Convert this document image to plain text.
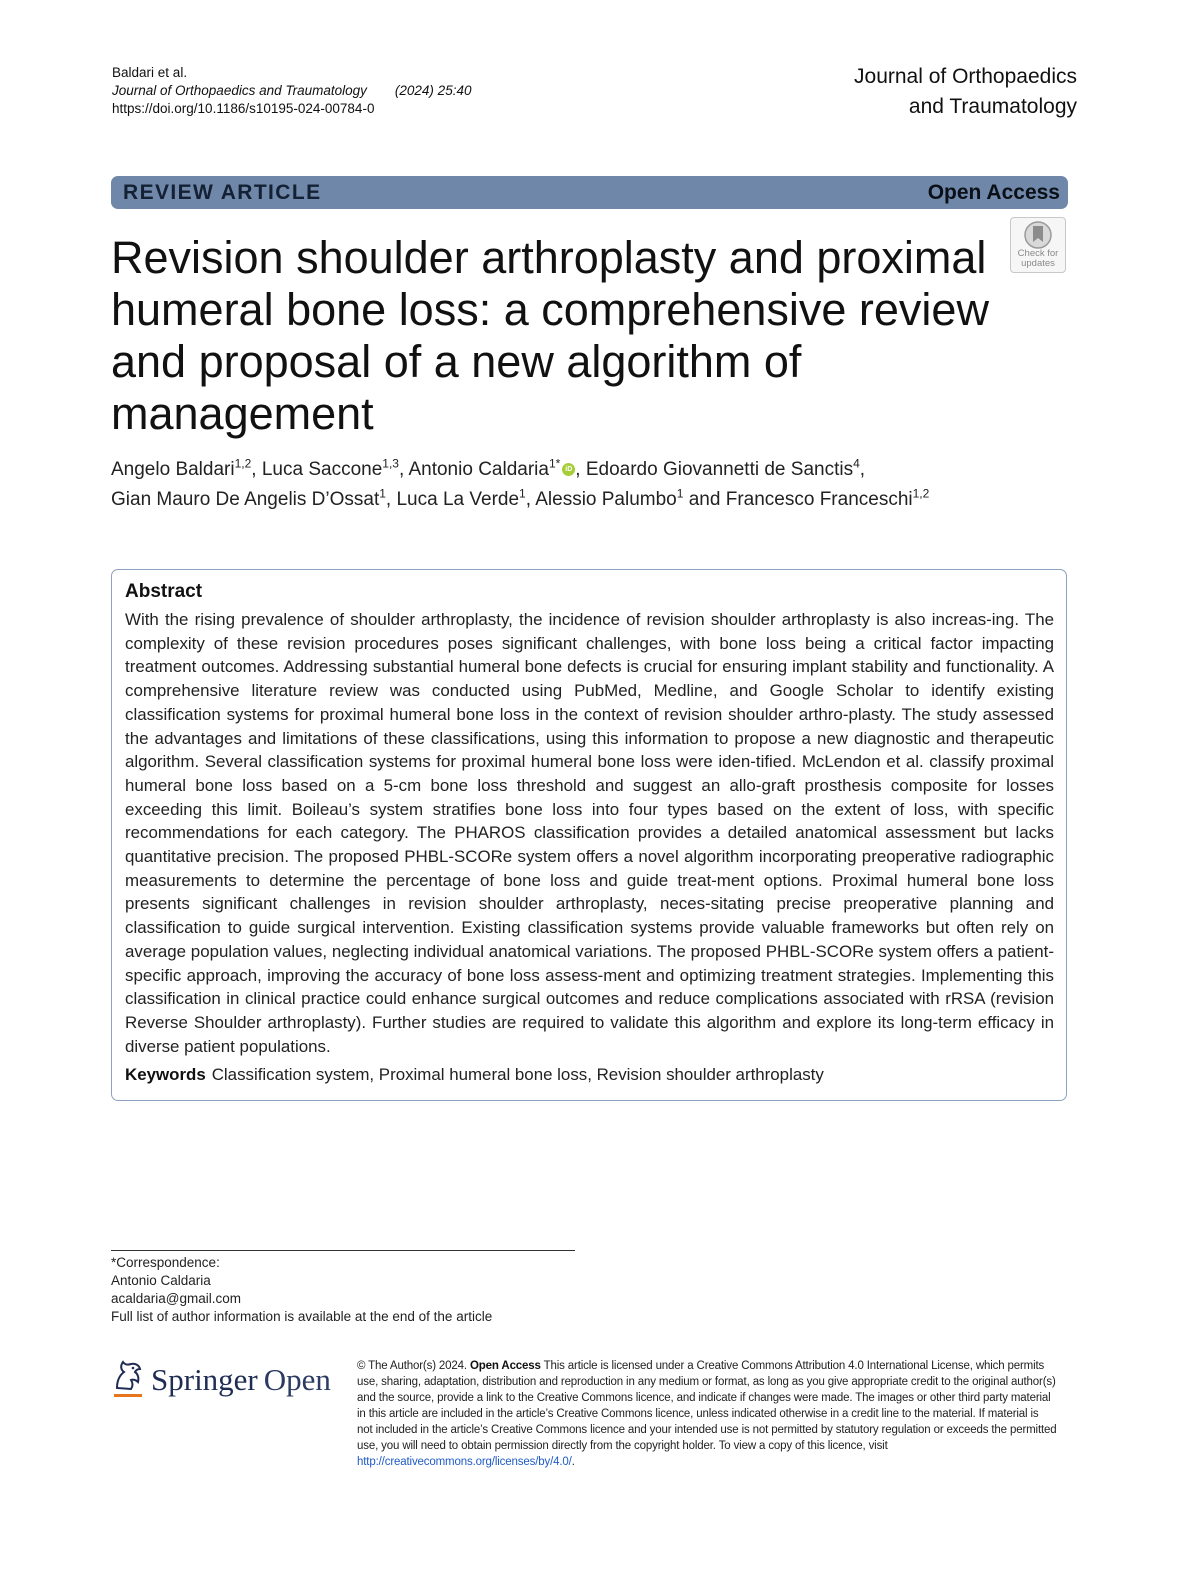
Baldari et al.
Journal of Orthopaedics and Traumatology (2024) 25:40
https://doi.org/10.1186/s10195-024-00784-0
Journal of Orthopaedics
and Traumatology
REVIEW ARTICLE	Open Access
Check for
updates
Revision shoulder arthroplasty and proximal humeral bone loss: a comprehensive review and proposal of a new algorithm of management
Angelo Baldari$^{1,2}$, Luca Saccone$^{1,3}$, Antonio Caldaria$^{1*}$ iD , Edoardo Giovannetti de Sanctis$^4$,
Gian Mauro De Angelis D’Ossat$^1$, Luca La Verde$^1$, Alessio Palumbo$^1$ and Francesco Franceschi$^{1,2}$
Abstract

With the rising prevalence of shoulder arthroplasty, the incidence of revision shoulder arthroplasty is also increas-ing. The complexity of these revision procedures poses significant challenges, with bone loss being a critical factor impacting treatment outcomes. Addressing substantial humeral bone defects is crucial for ensuring implant stability and functionality. A comprehensive literature review was conducted using PubMed, Medline, and Google Scholar to identify existing classification systems for proximal humeral bone loss in the context of revision shoulder arthro-plasty. The study assessed the advantages and limitations of these classifications, using this information to propose a new diagnostic and therapeutic algorithm. Several classification systems for proximal humeral bone loss were iden-tified. McLendon et al. classify proximal humeral bone loss based on a 5-cm bone loss threshold and suggest an allo-graft prosthesis composite for losses exceeding this limit. Boileau’s system stratifies bone loss into four types based on the extent of loss, with specific recommendations for each category. The PHAROS classification provides a detailed anatomical assessment but lacks quantitative precision. The proposed PHBL-SCORe system offers a novel algorithm incorporating preoperative radiographic measurements to determine the percentage of bone loss and guide treat-ment options. Proximal humeral bone loss presents significant challenges in revision shoulder arthroplasty, neces-sitating precise preoperative planning and classification to guide surgical intervention. Existing classification systems provide valuable frameworks but often rely on average population values, neglecting individual anatomical variations. The proposed PHBL-SCORe system offers a patient-specific approach, improving the accuracy of bone loss assess-ment and optimizing treatment strategies. Implementing this classification in clinical practice could enhance surgical outcomes and reduce complications associated with rRSA (revision Reverse Shoulder arthroplasty). Further studies are required to validate this algorithm and explore its long-term efficacy in diverse patient populations.

Keywords Classification system, Proximal humeral bone loss, Revision shoulder arthroplasty
*Correspondence:
Antonio Caldaria
acaldaria@gmail.com
Full list of author information is available at the end of the article
Springer Open © The Author(s) 2024. Open Access This article is licensed under a Creative Commons Attribution 4.0 International License, which permits use, sharing, adaptation, distribution and reproduction in any medium or format, as long as you give appropriate credit to the original author(s) and the source, provide a link to the Creative Commons licence, and indicate if changes were made. The images or other third party material in this article are included in the article’s Creative Commons licence, unless indicated otherwise in a credit line to the material. If material is not included in the article’s Creative Commons licence and your intended use is not permitted by statutory regulation or exceeds the permitted use, you will need to obtain permission directly from the copyright holder. To view a copy of this licence, visit http://creativecommons.org/licenses/by/4.0/.
